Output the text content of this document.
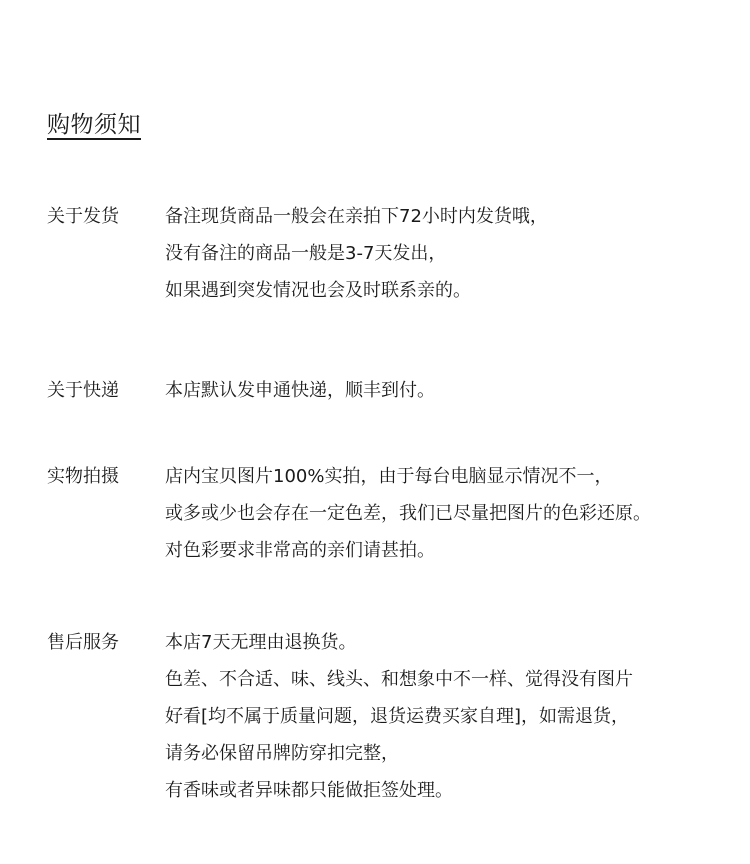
购物须知
关于发货	备注现货商品一般会在亲拍下72小时内发货哦，
没有备注的商品一般是3-7天发出，
如果遇到突发情况也会及时联系亲的。
关于快递	本店默认发申通快递，顺丰到付。
实物拍摄	店内宝贝图片100%实拍，由于每台电脑显示情况不一，
或多或少也会存在一定色差，我们已尽量把图片的色彩还原。
对色彩要求非常高的亲们请甚拍。
售后服务	本店7天无理由退换货。
色差、不合适、味、线头、和想象中不一样、觉得没有图片
好看[均不属于质量问题，退货运费买家自理]，如需退货，
请务必保留吊牌防穿扣完整，
有香味或者异味都只能做拒签处理。
